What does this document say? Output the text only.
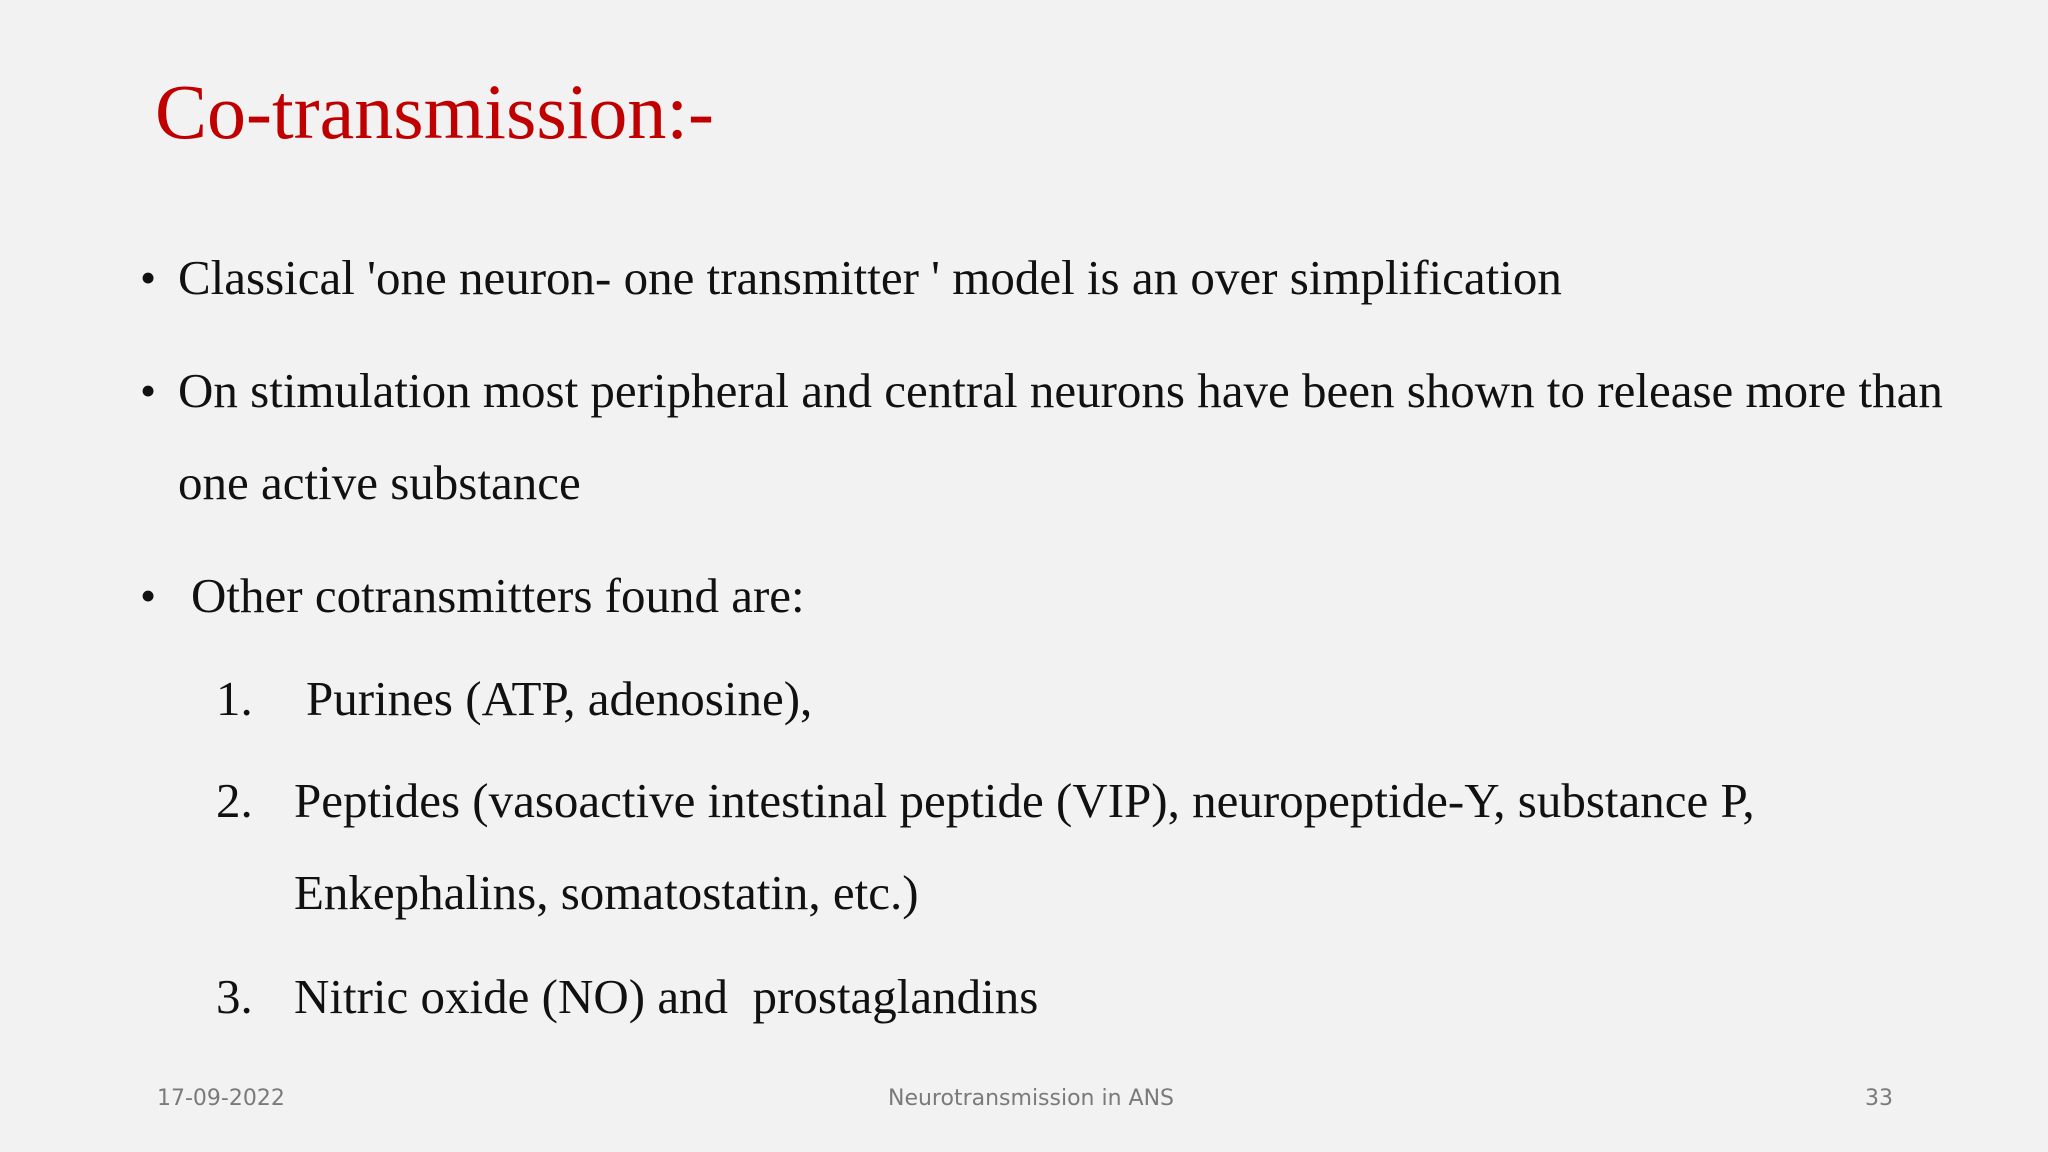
Co-transmission:-
• Classical 'one neuron- one transmitter ' model is an over simplification
• On stimulation most peripheral and central neurons have been shown to release more than
one active substance
• Other cotransmitters found are:
1. Purines (ATP, adenosine),
2. Peptides (vasoactive intestinal peptide (VIP), neuropeptide-Y, substance P,
Enkephalins, somatostatin, etc.)
3. Nitric oxide (NO) and  prostaglandins
17-09-2022	Neurotransmission in ANS	33
